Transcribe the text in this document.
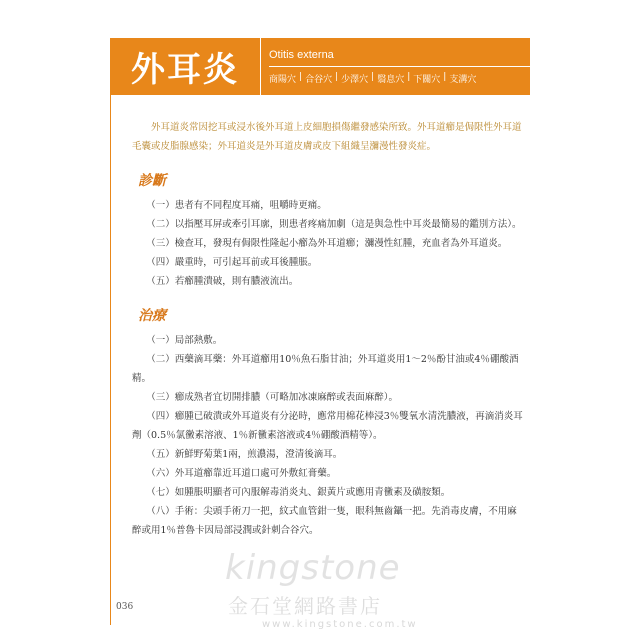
外耳炎	Otitis externa
商陽穴 | 合谷穴 | 少澤穴 | 翳息穴 | 下關穴 | 支溝穴

外耳道炎常因挖耳或浸水後外耳道上皮細胞損傷繼發感染所致。外耳道癤是侷限性外耳道毛囊或皮脂腺感染；外耳道炎是外耳道皮膚或皮下組織呈瀰漫性發炎症。

診斷

（一）患者有不同程度耳痛，咀嚼時更痛。

（二）以指壓耳屏或牽引耳廓，則患者疼痛加劇（這是與急性中耳炎最簡易的鑑別方法）。

（三）檢查耳，發現有侷限性隆起小癤為外耳道癤；瀰漫性紅腫，充血者為外耳道炎。

（四）嚴重時，可引起耳前或耳後腫脹。

（五）若癤腫潰破，則有膿液流出。

治療

（一）局部熱敷。

（二）西藥滴耳藥：外耳道癤用10％魚石脂甘油；外耳道炎用1～2％酚甘油或4％硼酸酒精。

（三）癤成熟者宜切開排膿（可略加冰凍麻醉或表面麻醉）。

（四）癤腫已破潰或外耳道炎有分泌時，應常用棉花棒浸3％雙氧水清洗膿液，再滴消炎耳劑（0.5％氯黴素溶液、1％新黴素溶液或4％硼酸酒精等）。

（五）新鮮野菊葉1兩，煎濃湯，澄清後滴耳。

（六）外耳道癤靠近耳道口處可外敷紅膏藥。

（七）如腫脹明顯者可內服解毒消炎丸、銀黃片或應用青黴素及磺胺類。

（八）手術：尖頭手術刀一把，紋式血管鉗一隻，眼科無齒鑷一把。先消毒皮膚，不用麻醉或用1％普魯卡因局部浸潤或針刺合谷穴。

kingstone
金石堂網路書店
www.kingstone.com.tw
036
